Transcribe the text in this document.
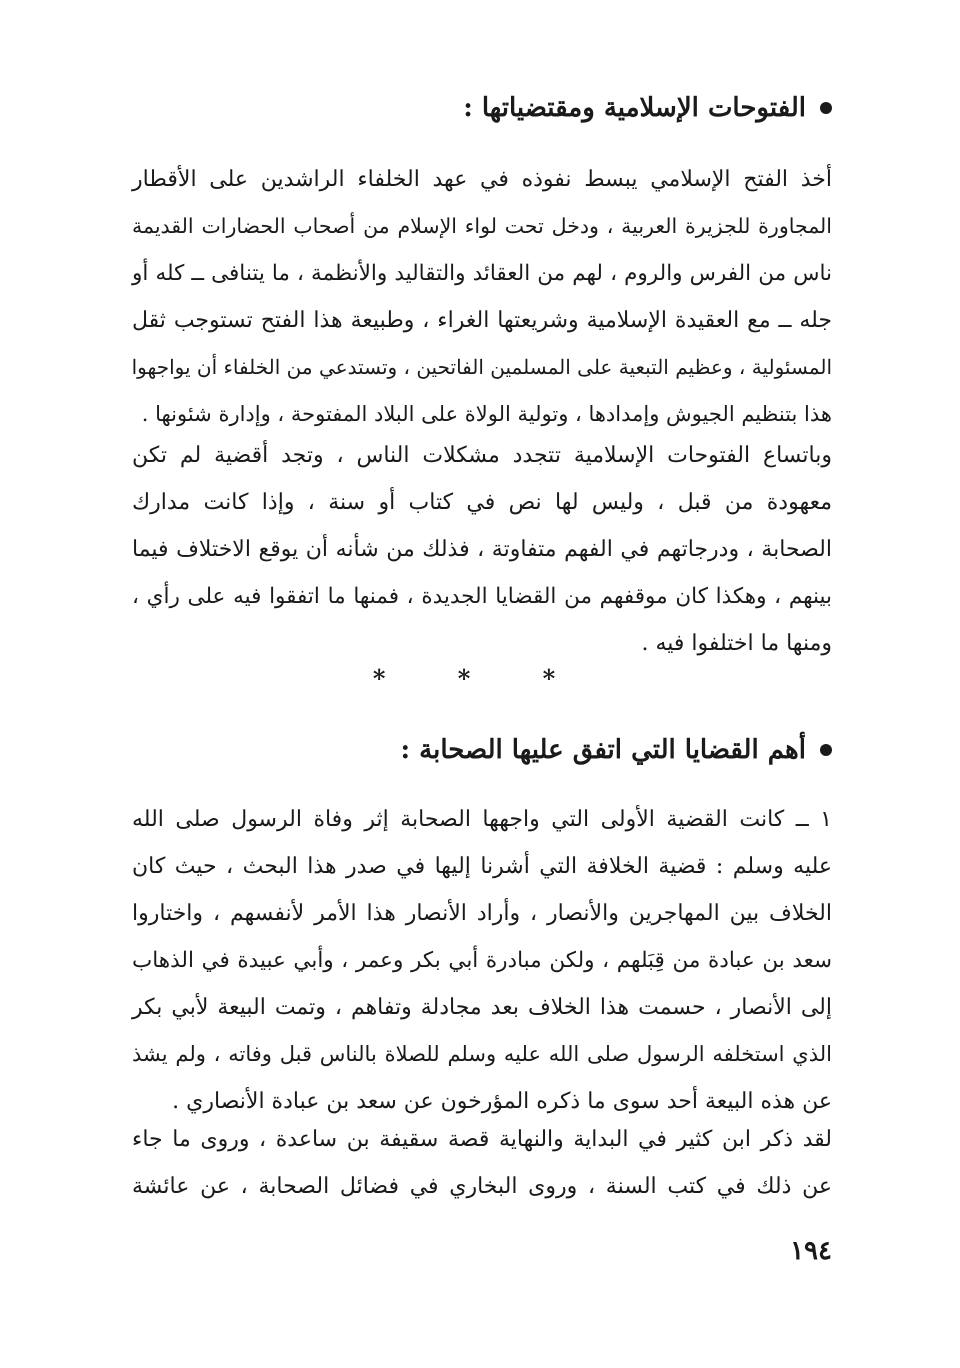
الفتوحات الإسلامية ومقتضياتها :
أخذ الفتح الإسلامي يبسط نفوذه في عهد الخلفاء الراشدين على الأقطار
المجاورة للجزيرة العربية ، ودخل تحت لواء الإسلام من أصحاب الحضارات القديمة
ناس من الفرس والروم ، لهم من العقائد والتقاليد والأنظمة ، ما يتنافى ــ كله أو
جله ــ مع العقيدة الإسلامية وشريعتها الغراء ، وطبيعة هذا الفتح تستوجب ثقل
المسئولية ، وعظيم التبعية على المسلمين الفاتحين ، وتستدعي من الخلفاء أن يواجهوا
هذا بتنظيم الجيوش وإمدادها ، وتولية الولاة على البلاد المفتوحة ، وإدارة شئونها .
وباتساع الفتوحات الإسلامية تتجدد مشكلات الناس ، وتجد أقضية لم تكن
معهودة من قبل ، وليس لها نص في كتاب أو سنة ، وإذا كانت مدارك
الصحابة ، ودرجاتهم في الفهم متفاوتة ، فذلك من شأنه أن يوقع الاختلاف فيما
بينهم ، وهكذا كان موقفهم من القضايا الجديدة ، فمنها ما اتفقوا فيه على رأي ،
ومنها ما اختلفوا فيه .
* * *
أهم القضايا التي اتفق عليها الصحابة :
١ ــ كانت القضية الأولى التي واجهها الصحابة إثر وفاة الرسول صلى الله
عليه وسلم : قضية الخلافة التي أشرنا إليها في صدر هذا البحث ، حيث كان
الخلاف بين المهاجرين والأنصار ، وأراد الأنصار هذا الأمر لأنفسهم ، واختاروا
سعد بن عبادة من قِبَلهم ، ولكن مبادرة أبي بكر وعمر ، وأبي عبيدة في الذهاب
إلى الأنصار ، حسمت هذا الخلاف بعد مجادلة وتفاهم ، وتمت البيعة لأبي بكر
الذي استخلفه الرسول صلى الله عليه وسلم للصلاة بالناس قبل وفاته ، ولم يشذ
عن هذه البيعة أحد سوى ما ذكره المؤرخون عن سعد بن عبادة الأنصاري .
لقد ذكر ابن كثير في البداية والنهاية قصة سقيفة بن ساعدة ، وروى ما جاء
عن ذلك في كتب السنة ، وروى البخاري في فضائل الصحابة ، عن عائشة
١٩٤
